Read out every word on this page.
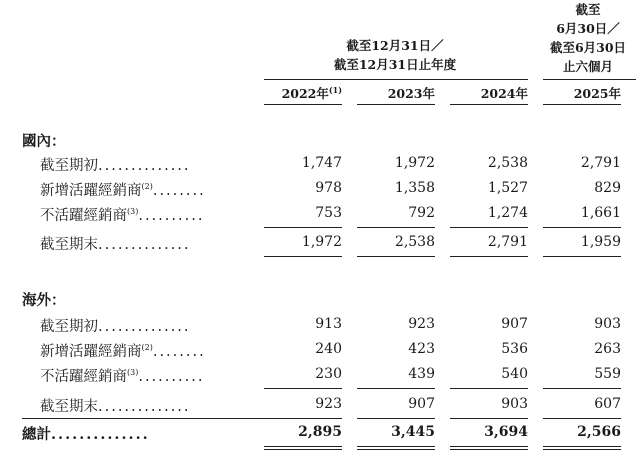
截至12月31日／
截至12月31日止年度
截至
6月30日／
截至6月30日
止六個月
2022年$^{(1)}$	2023年	2024年	2025年
國內：
截至期初..............	1,747	1,972	2,538	2,791
新增活躍經銷商$^{(2)}$........	978	1,358	1,527	829
不活躍經銷商$^{(3)}$..........	753	792	1,274	1,661
截至期末..............	1,972	2,538	2,791	1,959
海外：
截至期初..............	913	923	907	903
新增活躍經銷商$^{(2)}$........	240	423	536	263
不活躍經銷商$^{(3)}$..........	230	439	540	559
截至期末..............	923	907	903	607
總計..............	2,895	3,445	3,694	2,566
